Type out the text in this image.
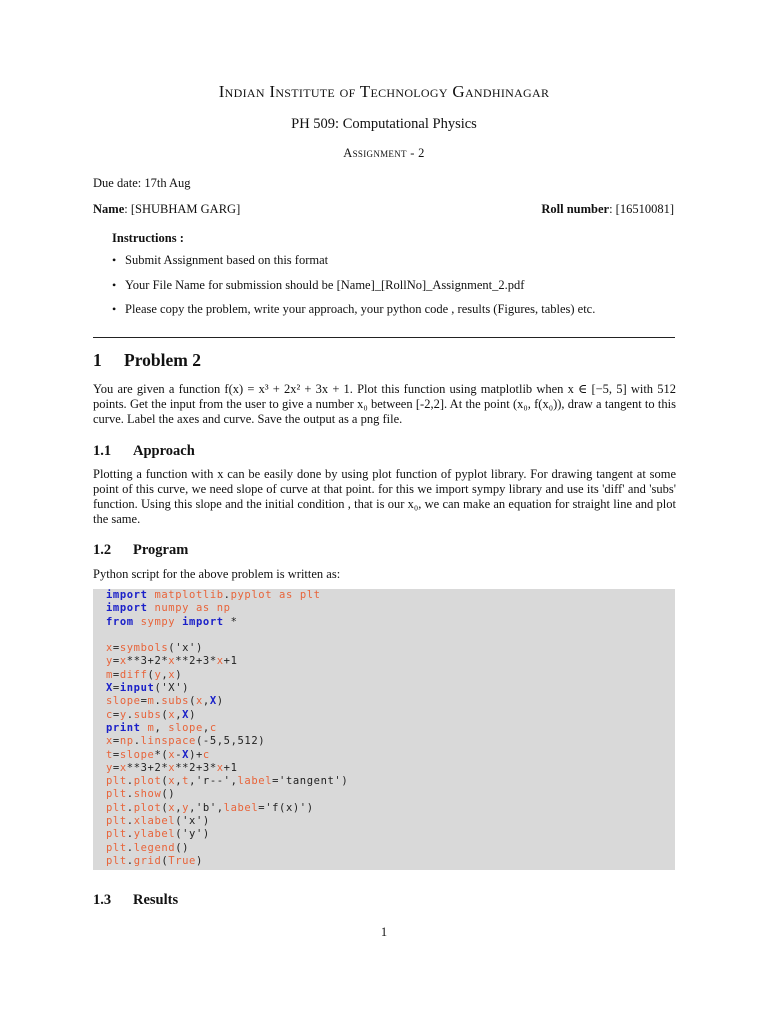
Indian Institute of Technology Gandhinagar
PH 509: Computational Physics
Assignment - 2
Due date: 17th Aug
Name: [SHUBHAM GARG]	Roll number: [16510081]
Instructions :
• Submit Assignment based on this format
• Your File Name for submission should be [Name]_[RollNo]_Assignment_2.pdf
• Please copy the problem, write your approach, your python code , results (Figures, tables) etc.
1 Problem 2
You are given a function f(x) = x³ + 2x² + 3x + 1. Plot this function using matplotlib when x ∈ [−5, 5] with 512 points. Get the input from the user to give a number x₀ between [-2,2]. At the point (x₀, f(x₀)), draw a tangent to this curve. Label the axes and curve. Save the output as a png file.
1.1 Approach
Plotting a function with x can be easily done by using plot function of pyplot library. For drawing tangent at some point of this curve, we need slope of curve at that point. for this we import sympy library and use its 'diff' and 'subs' function. Using this slope and the initial condition , that is our x₀, we can make an equation for straight line and plot the same.
1.2 Program
Python script for the above problem is written as:
import matplotlib.pyplot as plt
import numpy as np
from sympy import *

x=symbols('x')
y=x**3+2*x**2+3*x+1
m=diff(y,x)
X=input('X')
slope=m.subs(x,X)
c=y.subs(x,X)
print m, slope,c
x=np.linspace(-5,5,512)
t=slope*(x-X)+c
y=x**3+2*x**2+3*x+1
plt.plot(x,t,'r--',label='tangent')
plt.show()
plt.plot(x,y,'b',label='f(x)')
plt.xlabel('x')
plt.ylabel('y')
plt.legend()
plt.grid(True)
1.3 Results
1
